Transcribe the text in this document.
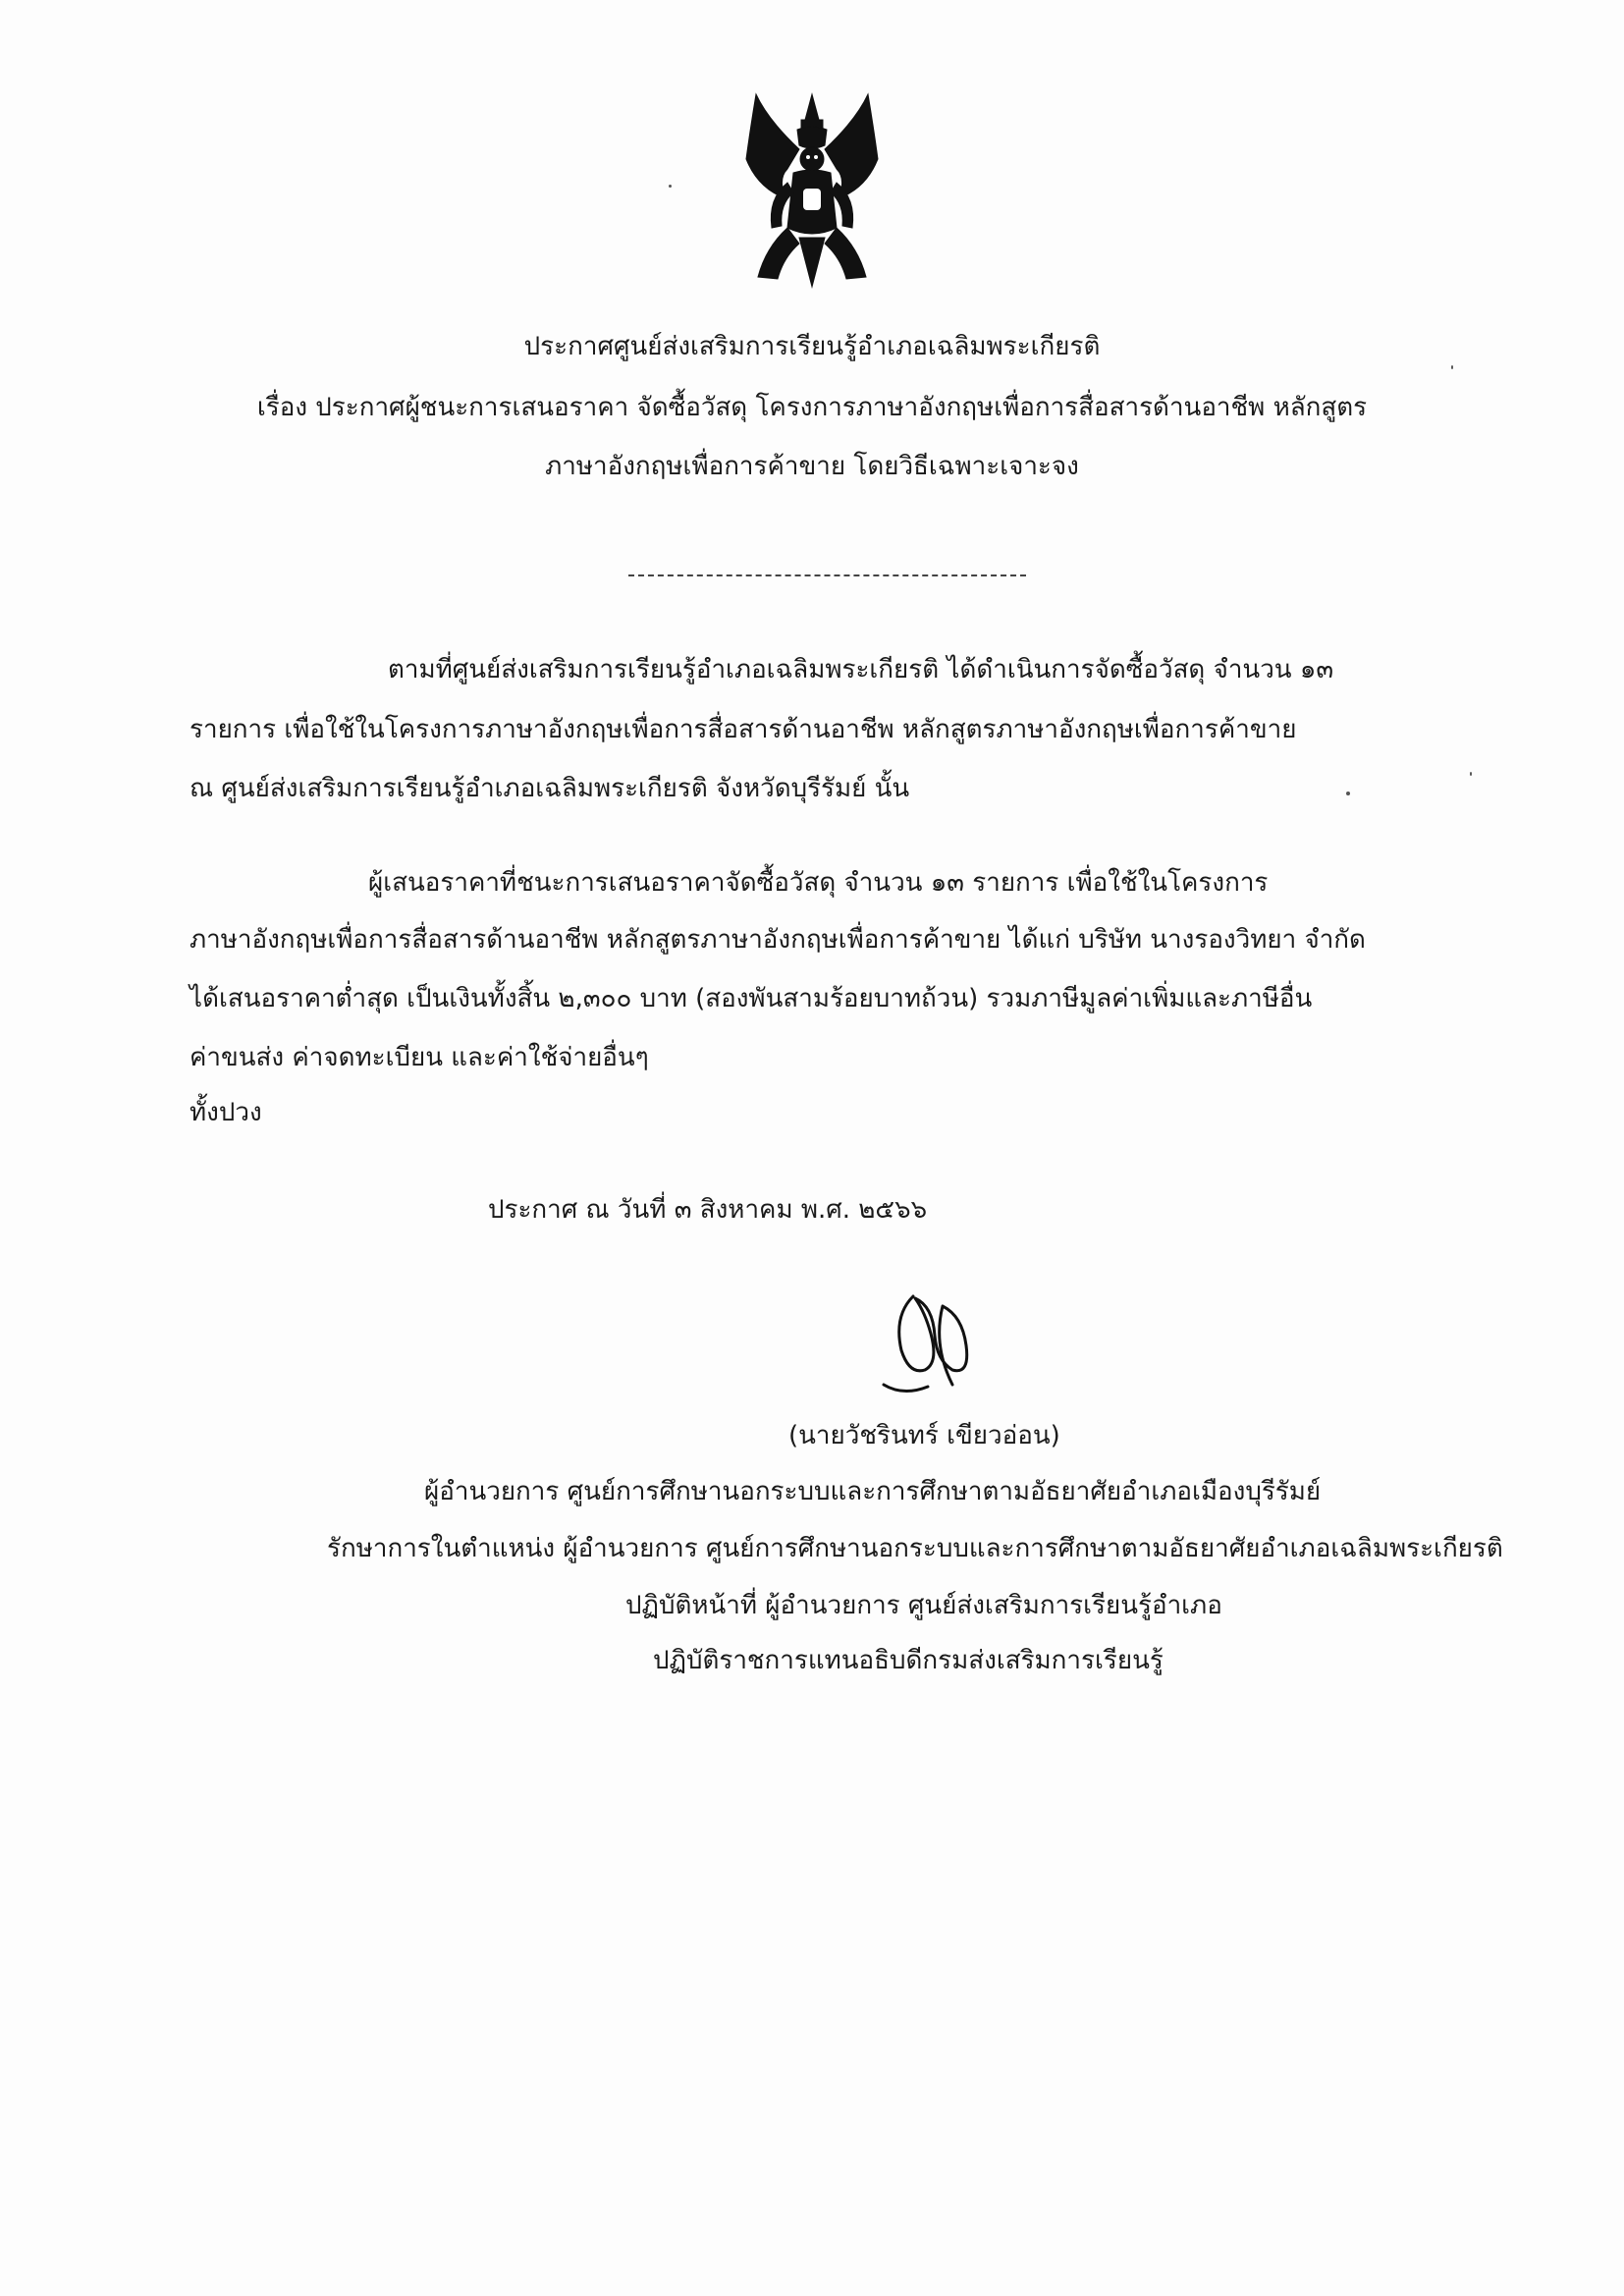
ประกาศศูนย์ส่งเสริมการเรียนรู้อำเภอเฉลิมพระเกียรติ
เรื่อง ประกาศผู้ชนะการเสนอราคา จัดซื้อวัสดุ โครงการภาษาอังกฤษเพื่อการสื่อสารด้านอาชีพ หลักสูตร
ภาษาอังกฤษเพื่อการค้าขาย โดยวิธีเฉพาะเจาะจง
ตามที่ศูนย์ส่งเสริมการเรียนรู้อำเภอเฉลิมพระเกียรติ ได้ดำเนินการจัดซื้อวัสดุ จำนวน ๑๓
รายการ เพื่อใช้ในโครงการภาษาอังกฤษเพื่อการสื่อสารด้านอาชีพ หลักสูตรภาษาอังกฤษเพื่อการค้าขาย
ณ ศูนย์ส่งเสริมการเรียนรู้อำเภอเฉลิมพระเกียรติ จังหวัดบุรีรัมย์ นั้น
ผู้เสนอราคาที่ชนะการเสนอราคาจัดซื้อวัสดุ จำนวน ๑๓ รายการ เพื่อใช้ในโครงการ
ภาษาอังกฤษเพื่อการสื่อสารด้านอาชีพ หลักสูตรภาษาอังกฤษเพื่อการค้าขาย ได้แก่ บริษัท นางรองวิทยา จำกัด
ได้เสนอราคาต่ำสุด เป็นเงินทั้งสิ้น ๒,๓๐๐ บาท (สองพันสามร้อยบาทถ้วน) รวมภาษีมูลค่าเพิ่มและภาษีอื่น
ค่าขนส่ง ค่าจดทะเบียน และค่าใช้จ่ายอื่นๆ
ทั้งปวง
ประกาศ ณ วันที่ ๓ สิงหาคม พ.ศ. ๒๕๖๖
(นายวัชรินทร์ เขียวอ่อน)
ผู้อำนวยการ ศูนย์การศึกษานอกระบบและการศึกษาตามอัธยาศัยอำเภอเมืองบุรีรัมย์
รักษาการในตำแหน่ง ผู้อำนวยการ ศูนย์การศึกษานอกระบบและการศึกษาตามอัธยาศัยอำเภอเฉลิมพระเกียรติ
ปฏิบัติหน้าที่ ผู้อำนวยการ ศูนย์ส่งเสริมการเรียนรู้อำเภอ
ปฏิบัติราชการแทนอธิบดีกรมส่งเสริมการเรียนรู้
